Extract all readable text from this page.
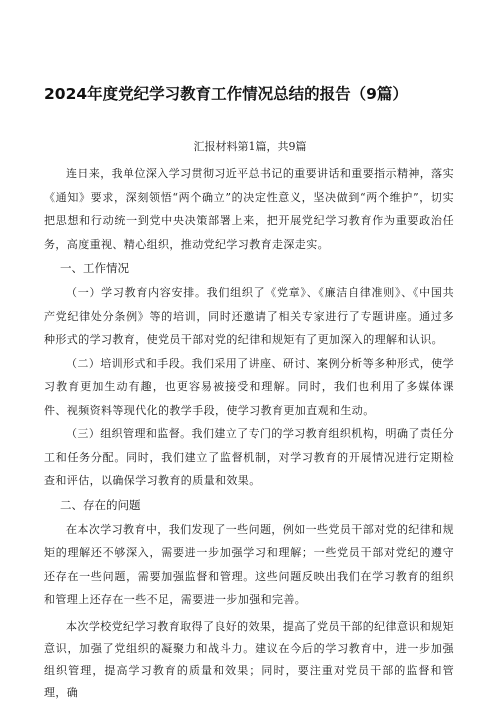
2024年度党纪学习教育工作情况总结的报告（9篇）
汇报材料第1篇，共9篇

连日来，我单位深入学习贯彻习近平总书记的重要讲话和重要指示精神，落实《通知》要求，深刻领悟“两个确立”的决定性意义，坚决做到“两个维护”，切实把思想和行动统一到党中央决策部署上来，把开展党纪学习教育作为重要政治任务，高度重视、精心组织，推动党纪学习教育走深走实。

一、工作情况

（一）学习教育内容安排。我们组织了《党章》、《廉洁自律准则》、《中国共产党纪律处分条例》等的培训，同时还邀请了相关专家进行了专题讲座。通过多种形式的学习教育，使党员干部对党的纪律和规矩有了更加深入的理解和认识。

（二）培训形式和手段。我们采用了讲座、研讨、案例分析等多种形式，使学习教育更加生动有趣，也更容易被接受和理解。同时，我们也利用了多媒体课件、视频资料等现代化的教学手段，使学习教育更加直观和生动。

（三）组织管理和监督。我们建立了专门的学习教育组织机构，明确了责任分工和任务分配。同时，我们建立了监督机制，对学习教育的开展情况进行定期检查和评估，以确保学习教育的质量和效果。

二、存在的问题

在本次学习教育中，我们发现了一些问题，例如一些党员干部对党的纪律和规矩的理解还不够深入，需要进一步加强学习和理解；一些党员干部对党纪的遵守还存在一些问题，需要加强监督和管理。这些问题反映出我们在学习教育的组织和管理上还存在一些不足，需要进一步加强和完善。

本次学校党纪学习教育取得了良好的效果，提高了党员干部的纪律意识和规矩意识，加强了党组织的凝聚力和战斗力。建议在今后的学习教育中，进一步加强组织管理，提高学习教育的质量和效果；同时，要注重对党员干部的监督和管理，确
